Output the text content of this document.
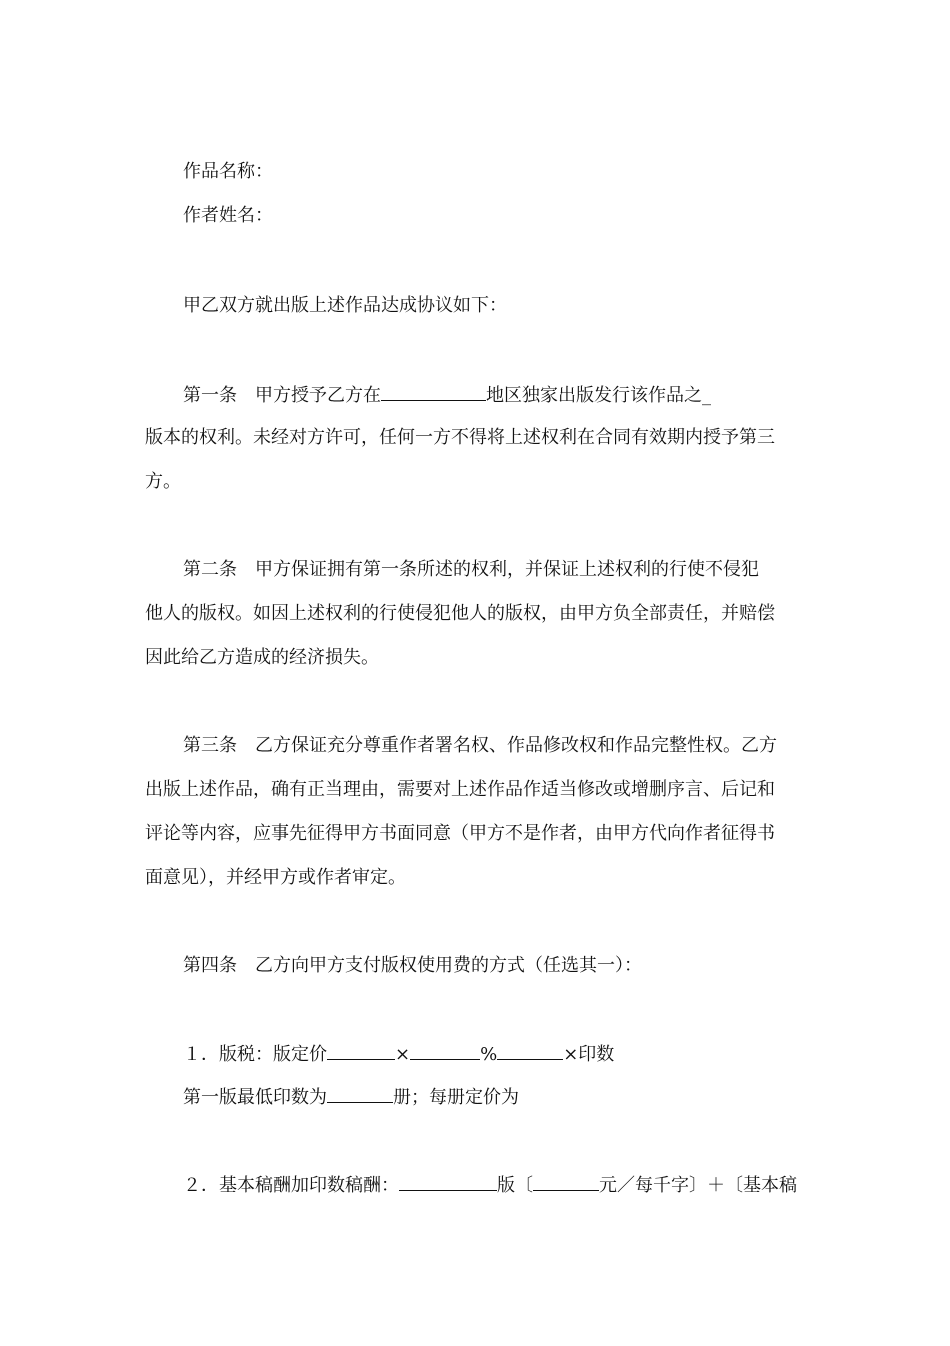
作品名称：
作者姓名：
甲乙双方就出版上述作品达成协议如下：
第一条　甲方授予乙方在	地区独家出版发行该作品之_
版本的权利。未经对方许可，任何一方不得将上述权利在合同有效期内授予第三
方。
第二条　甲方保证拥有第一条所述的权利，并保证上述权利的行使不侵犯
他人的版权。如因上述权利的行使侵犯他人的版权，由甲方负全部责任，并赔偿
因此给乙方造成的经济损失。
第三条　乙方保证充分尊重作者署名权、作品修改权和作品完整性权。乙方
出版上述作品，确有正当理由，需要对上述作品作适当修改或增删序言、后记和
评论等内容，应事先征得甲方书面同意（甲方不是作者，由甲方代向作者征得书
面意见），并经甲方或作者审定。
第四条　乙方向甲方支付版权使用费的方式（任选其一）：
１．版税：版定价	×	%	×印数
第一版最低印数为	册；每册定价为
２．基本稿酬加印数稿酬：	版〔	元／每千字〕＋〔基本稿
